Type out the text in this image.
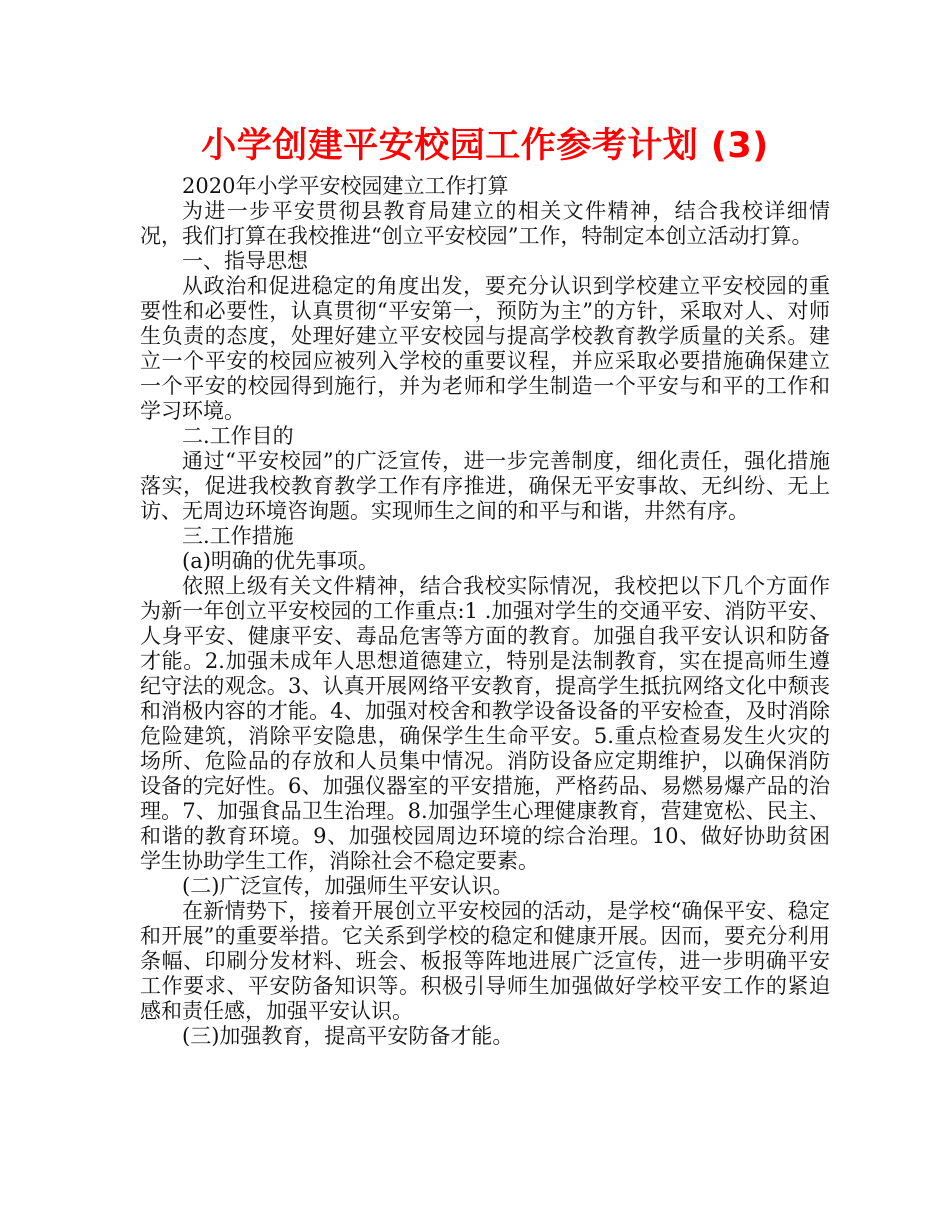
小学创建平安校园工作参考计划 (3)

2020年小学平安校园建立工作打算

为进一步平安贯彻县教育局建立的相关文件精神，结合我校详细情况，我们打算在我校推进“创立平安校园”工作，特制定本创立活动打算。

一、指导思想

从政治和促进稳定的角度出发，要充分认识到学校建立平安校园的重要性和必要性，认真贯彻“平安第一，预防为主”的方针，采取对人、对师生负责的态度，处理好建立平安校园与提高学校教育教学质量的关系。建立一个平安的校园应被列入学校的重要议程，并应采取必要措施确保建立一个平安的校园得到施行，并为老师和学生制造一个平安与和平的工作和学习环境。

二.工作目的

通过“平安校园”的广泛宣传，进一步完善制度，细化责任，强化措施落实，促进我校教育教学工作有序推进，确保无平安事故、无纠纷、无上访、无周边环境咨询题。实现师生之间的和平与和谐，井然有序。

三.工作措施

(a)明确的优先事项。

依照上级有关文件精神，结合我校实际情况，我校把以下几个方面作为新一年创立平安校园的工作重点:1 .加强对学生的交通平安、消防平安、人身平安、健康平安、毒品危害等方面的教育。加强自我平安认识和防备才能。2.加强未成年人思想道德建立，特别是法制教育，实在提高师生遵纪守法的观念。3、认真开展网络平安教育，提高学生抵抗网络文化中颓丧和消极内容的才能。4、加强对校舍和教学设备设备的平安检查，及时消除危险建筑，消除平安隐患，确保学生生命平安。5.重点检查易发生火灾的场所、危险品的存放和人员集中情况。消防设备应定期维护，以确保消防设备的完好性。6、加强仪器室的平安措施，严格药品、易燃易爆产品的治理。7、加强食品卫生治理。8.加强学生心理健康教育，营建宽松、民主、和谐的教育环境。9、加强校园周边环境的综合治理。10、做好协助贫困学生协助学生工作，消除社会不稳定要素。

(二)广泛宣传，加强师生平安认识。

在新情势下，接着开展创立平安校园的活动，是学校“确保平安、稳定和开展”的重要举措。它关系到学校的稳定和健康开展。因而，要充分利用条幅、印刷分发材料、班会、板报等阵地进展广泛宣传，进一步明确平安工作要求、平安防备知识等。积极引导师生加强做好学校平安工作的紧迫感和责任感，加强平安认识。

(三)加强教育，提高平安防备才能。
